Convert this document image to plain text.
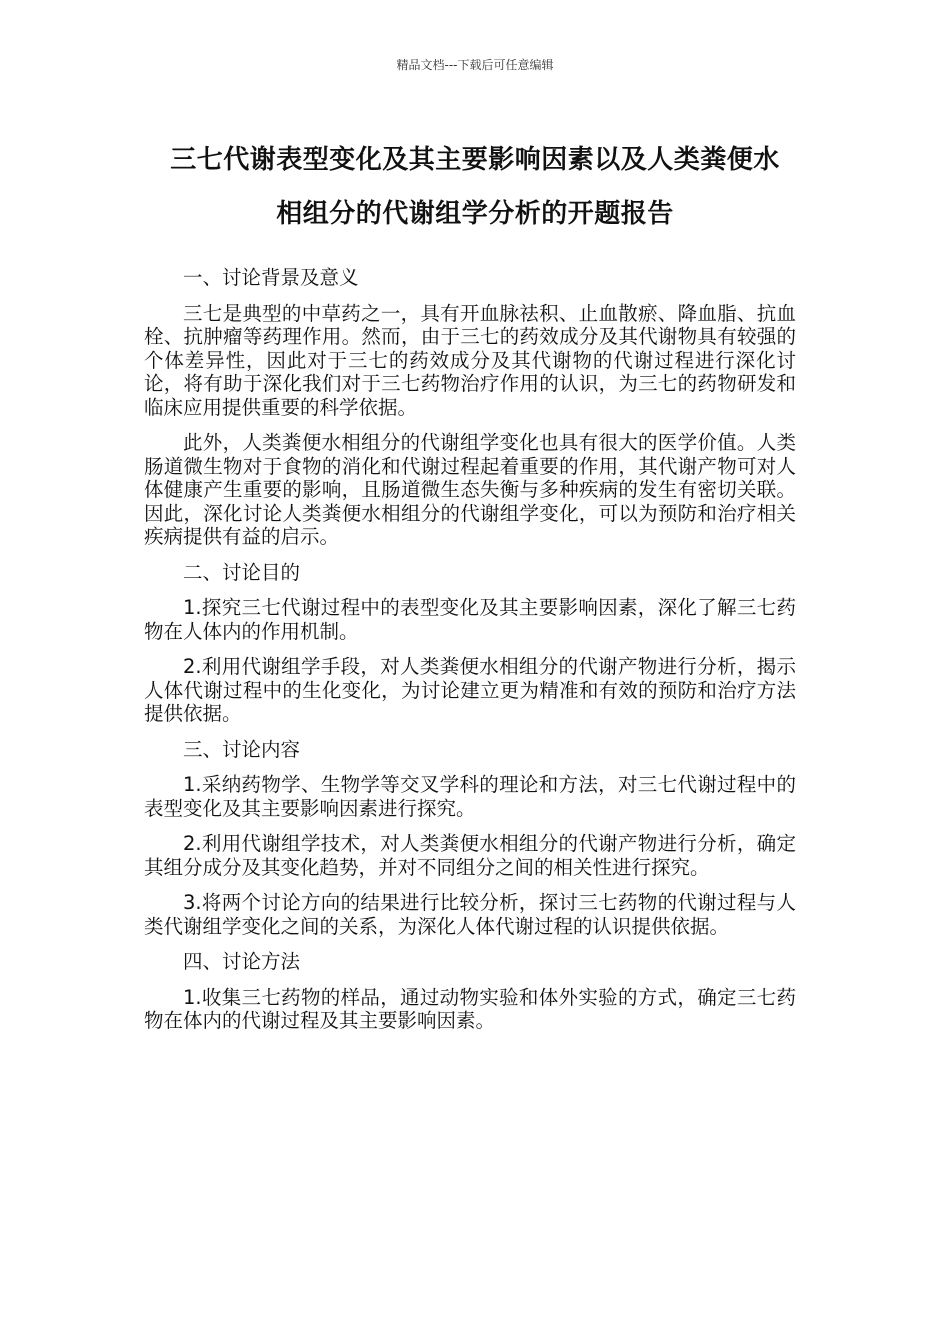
精品文档---下载后可任意编辑
三七代谢表型变化及其主要影响因素以及人类粪便水
相组分的代谢组学分析的开题报告

一、讨论背景及意义

三七是典型的中草药之一，具有开血脉祛积、止血散瘀、降血脂、抗血栓、抗肿瘤等药理作用。然而，由于三七的药效成分及其代谢物具有较强的个体差异性，因此对于三七的药效成分及其代谢物的代谢过程进行深化讨论，将有助于深化我们对于三七药物治疗作用的认识，为三七的药物研发和临床应用提供重要的科学依据。

此外，人类粪便水相组分的代谢组学变化也具有很大的医学价值。人类肠道微生物对于食物的消化和代谢过程起着重要的作用，其代谢产物可对人体健康产生重要的影响，且肠道微生态失衡与多种疾病的发生有密切关联。因此，深化讨论人类粪便水相组分的代谢组学变化，可以为预防和治疗相关疾病提供有益的启示。

二、讨论目的

1.探究三七代谢过程中的表型变化及其主要影响因素，深化了解三七药物在人体内的作用机制。

2.利用代谢组学手段，对人类粪便水相组分的代谢产物进行分析，揭示人体代谢过程中的生化变化，为讨论建立更为精准和有效的预防和治疗方法提供依据。

三、讨论内容

1.采纳药物学、生物学等交叉学科的理论和方法，对三七代谢过程中的表型变化及其主要影响因素进行探究。

2.利用代谢组学技术，对人类粪便水相组分的代谢产物进行分析，确定其组分成分及其变化趋势，并对不同组分之间的相关性进行探究。

3.将两个讨论方向的结果进行比较分析，探讨三七药物的代谢过程与人类代谢组学变化之间的关系，为深化人体代谢过程的认识提供依据。

四、讨论方法

1.收集三七药物的样品，通过动物实验和体外实验的方式，确定三七药物在体内的代谢过程及其主要影响因素。
